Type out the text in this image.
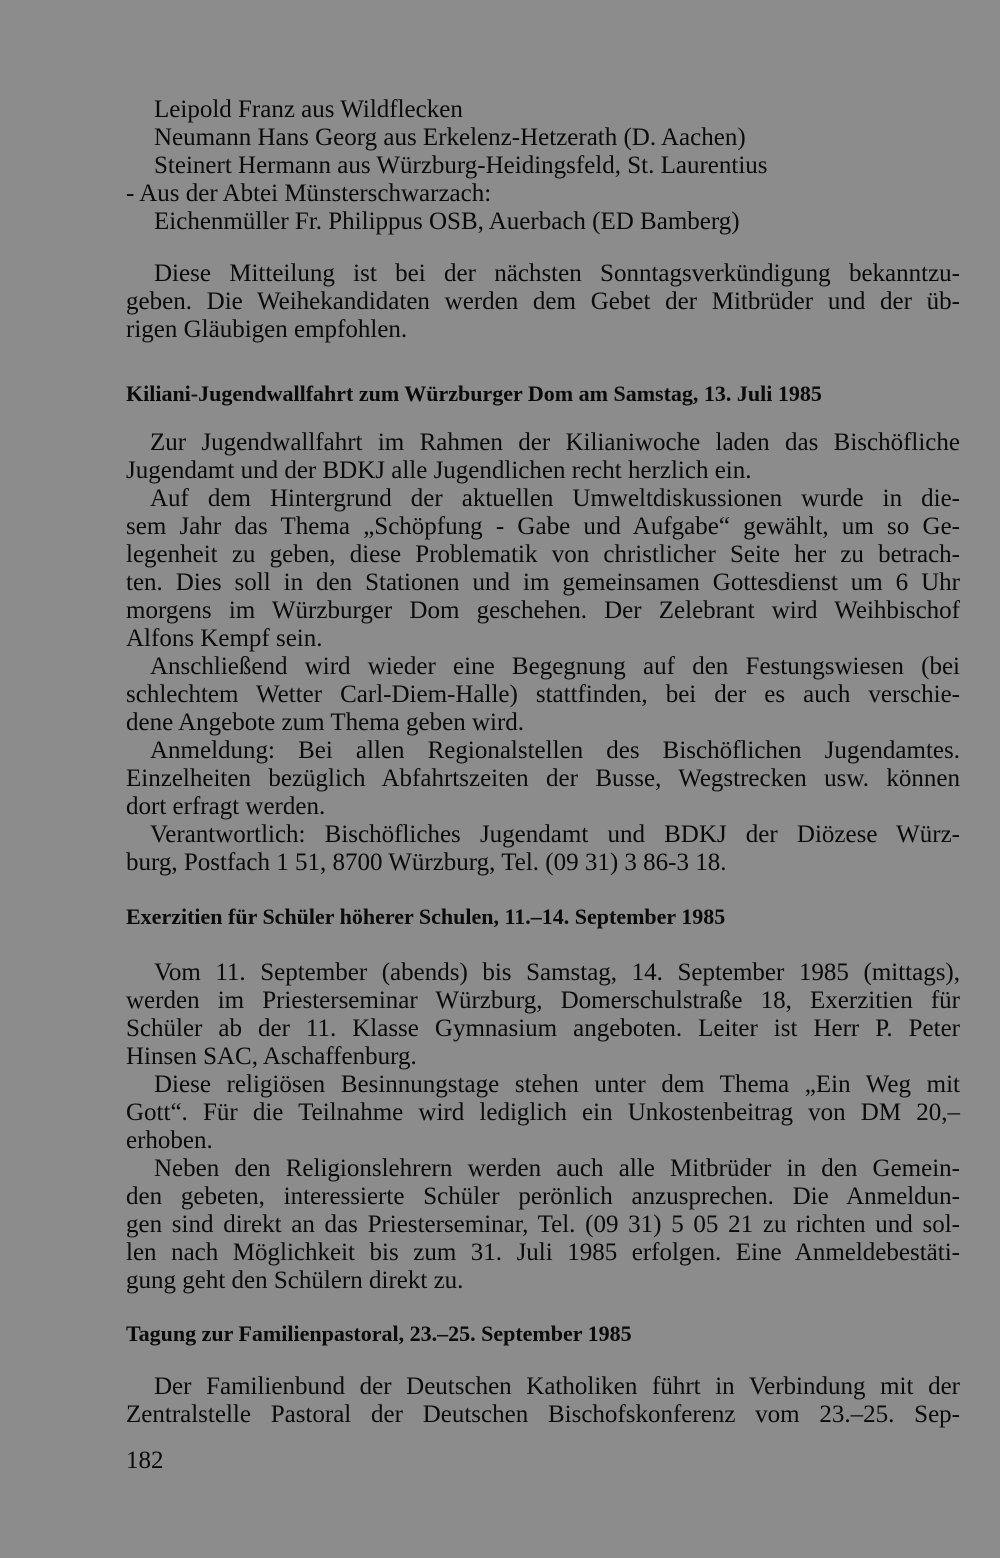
Leipold Franz aus Wildflecken
Neumann Hans Georg aus Erkelenz-Hetzerath (D. Aachen)
Steinert Hermann aus Würzburg-Heidingsfeld, St. Laurentius
- Aus der Abtei Münsterschwarzach:
Eichenmüller Fr. Philippus OSB, Auerbach (ED Bamberg)
Diese Mitteilung ist bei der nächsten Sonntagsverkündigung bekanntzu-
geben. Die Weihekandidaten werden dem Gebet der Mitbrüder und der üb-
rigen Gläubigen empfohlen.
Kiliani-Jugendwallfahrt zum Würzburger Dom am Samstag, 13. Juli 1985
Zur Jugendwallfahrt im Rahmen der Kilianiwoche laden das Bischöfliche
Jugendamt und der BDKJ alle Jugendlichen recht herzlich ein.
Auf dem Hintergrund der aktuellen Umweltdiskussionen wurde in die-
sem Jahr das Thema „Schöpfung - Gabe und Aufgabe“ gewählt, um so Ge-
legenheit zu geben, diese Problematik von christlicher Seite her zu betrach-
ten. Dies soll in den Stationen und im gemeinsamen Gottesdienst um 6 Uhr
morgens im Würzburger Dom geschehen. Der Zelebrant wird Weihbischof
Alfons Kempf sein.
Anschließend wird wieder eine Begegnung auf den Festungswiesen (bei
schlechtem Wetter Carl-Diem-Halle) stattfinden, bei der es auch verschie-
dene Angebote zum Thema geben wird.
Anmeldung: Bei allen Regionalstellen des Bischöflichen Jugendamtes.
Einzelheiten bezüglich Abfahrtszeiten der Busse, Wegstrecken usw. können
dort erfragt werden.
Verantwortlich: Bischöfliches Jugendamt und BDKJ der Diözese Würz-
burg, Postfach 1 51, 8700 Würzburg, Tel. (09 31) 3 86-3 18.
Exerzitien für Schüler höherer Schulen, 11.–14. September 1985
Vom 11. September (abends) bis Samstag, 14. September 1985 (mittags),
werden im Priesterseminar Würzburg, Domerschulstraße 18, Exerzitien für
Schüler ab der 11. Klasse Gymnasium angeboten. Leiter ist Herr P. Peter
Hinsen SAC, Aschaffenburg.
Diese religiösen Besinnungstage stehen unter dem Thema „Ein Weg mit
Gott“. Für die Teilnahme wird lediglich ein Unkostenbeitrag von DM 20,–
erhoben.
Neben den Religionslehrern werden auch alle Mitbrüder in den Gemein-
den gebeten, interessierte Schüler perönlich anzusprechen. Die Anmeldun-
gen sind direkt an das Priesterseminar, Tel. (09 31) 5 05 21 zu richten und sol-
len nach Möglichkeit bis zum 31. Juli 1985 erfolgen. Eine Anmeldebestäti-
gung geht den Schülern direkt zu.
Tagung zur Familienpastoral, 23.–25. September 1985
Der Familienbund der Deutschen Katholiken führt in Verbindung mit der
Zentralstelle Pastoral der Deutschen Bischofskonferenz vom 23.–25. Sep-
182
